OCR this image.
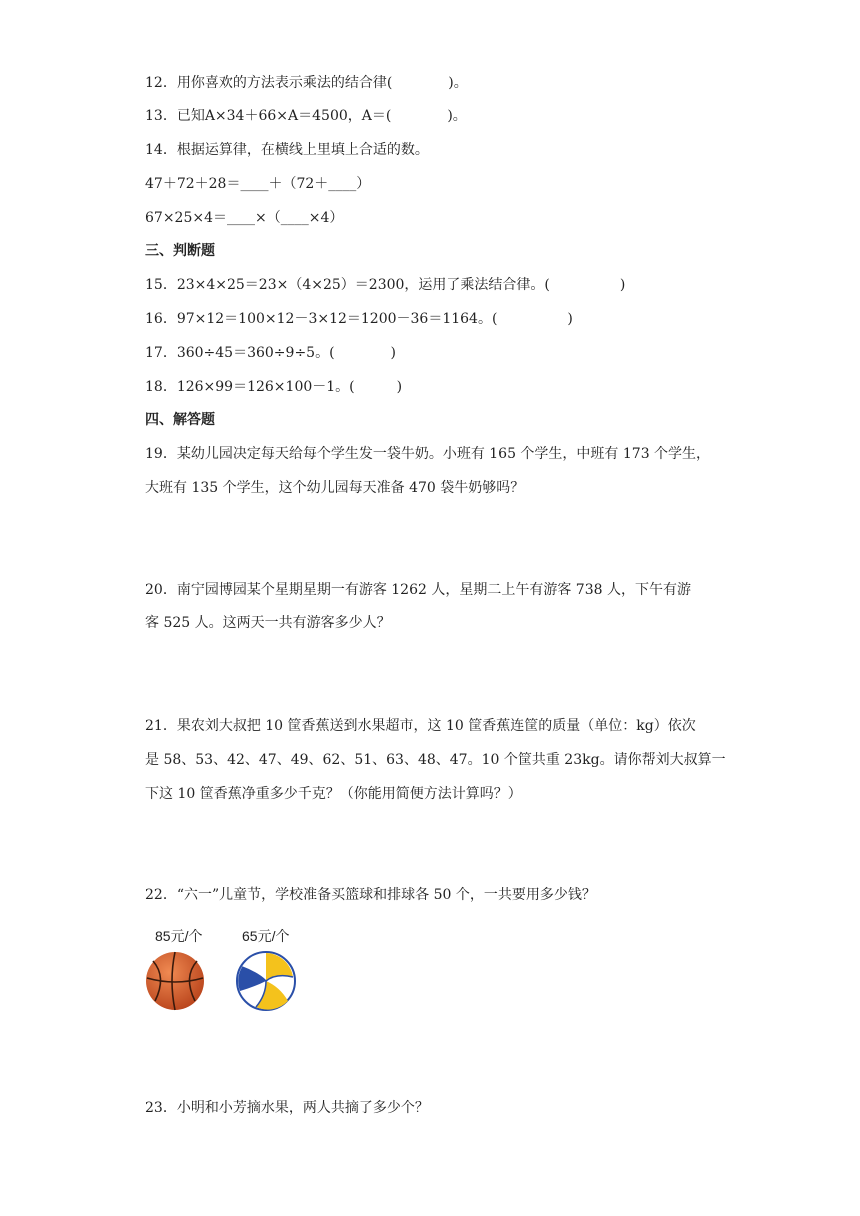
12．用你喜欢的方法表示乘法的结合律(　　　　)。
13．已知A×34＋66×A＝4500，A＝(　　　　)。
14．根据运算律，在横线上里填上合适的数。
47＋72＋28＝____＋（72＋____）
67×25×4＝____×（____×4）
三、判断题
15．23×4×25＝23×（4×25）＝2300，运用了乘法结合律。(　　　　　)
16．97×12＝100×12－3×12＝1200－36＝1164。(　　　　　)
17．360÷45＝360÷9÷5。(　　　　)
18．126×99＝126×100－1。(　　　)
四、解答题
19．某幼儿园决定每天给每个学生发一袋牛奶。小班有 165 个学生，中班有 173 个学生，
大班有 135 个学生，这个幼儿园每天准备 470 袋牛奶够吗？
20．南宁园博园某个星期星期一有游客 1262 人，星期二上午有游客 738 人，下午有游
客 525 人。这两天一共有游客多少人？
21．果农刘大叔把 10 筐香蕉送到水果超市，这 10 筐香蕉连筐的质量（单位：kg）依次
是 58、53、42、47、49、62、51、63、48、47。10 个筐共重 23kg。请你帮刘大叔算一
下这 10 筐香蕉净重多少千克？（你能用简便方法计算吗？）
22．“六一”儿童节，学校准备买篮球和排球各 50 个，一共要用多少钱？
85元/个	65元/个
23．小明和小芳摘水果，两人共摘了多少个？
